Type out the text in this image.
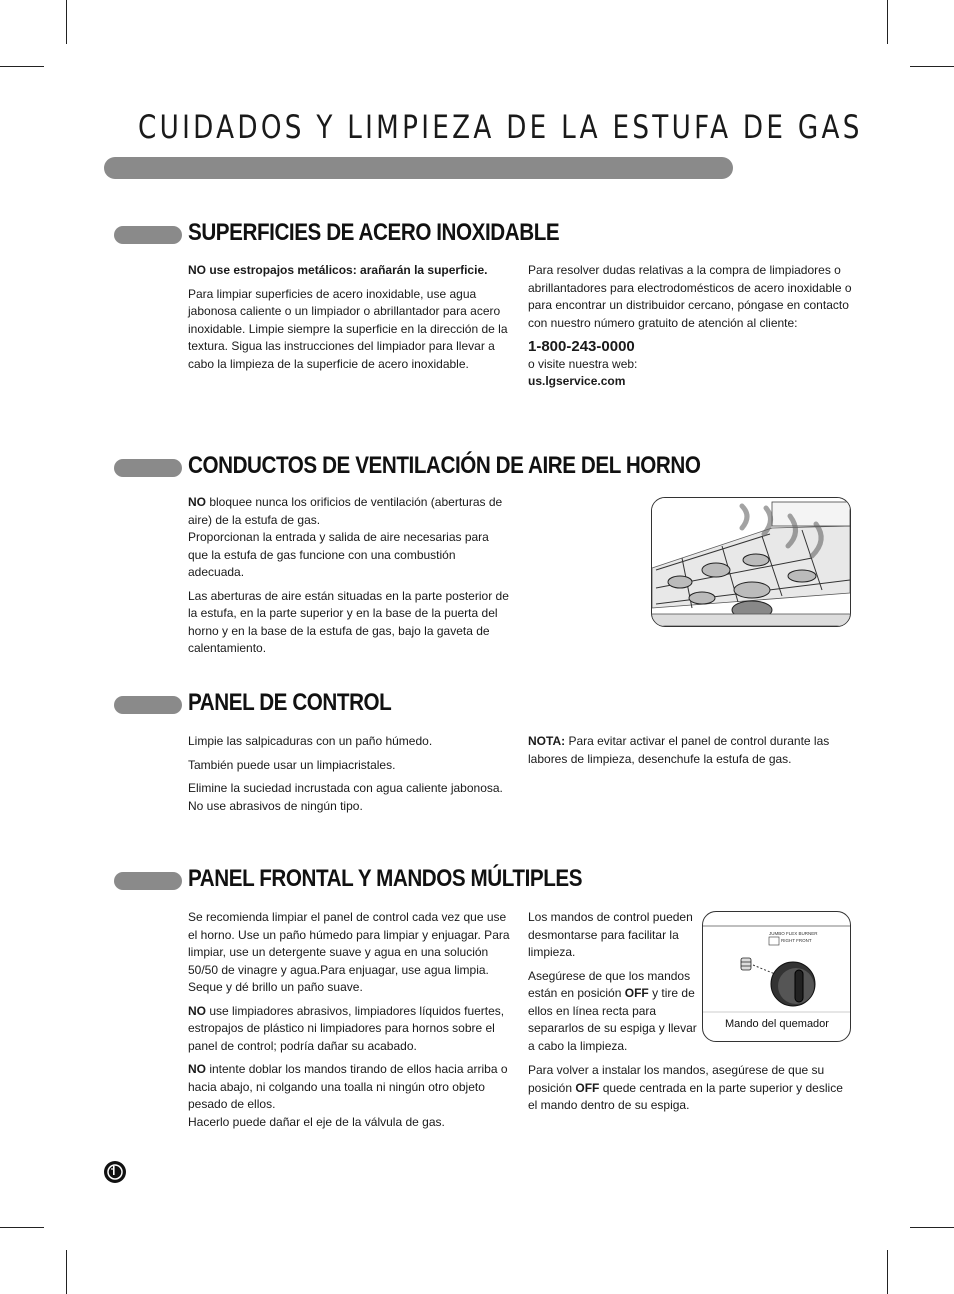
CUIDADOS Y LIMPIEZA DE LA ESTUFA DE GAS
SUPERFICIES DE ACERO INOXIDABLE

NO use estropajos metálicos: arañarán la superficie.

Para limpiar superficies de acero inoxidable, use agua jabonosa caliente o un limpiador o abrillantador para acero inoxidable. Limpie siempre la superficie en la dirección de la textura. Sigua las instrucciones del limpiador para llevar a cabo la limpieza de la superficie de acero inoxidable.

Para resolver dudas relativas a la compra de limpiadores o abrillantadores para electrodomésticos de acero inoxidable o para encontrar un distribuidor cercano, póngase en contacto con nuestro número gratuito de atención al cliente:

1-800-243-0000
o visite nuestra web:
us.lgservice.com
CONDUCTOS DE VENTILACIÓN DE AIRE DEL HORNO

NO bloquee nunca los orificios de ventilación (aberturas de aire) de la estufa de gas.

Proporcionan la entrada y salida de aire necesarias para que la estufa de gas funcione con una combustión adecuada.

Las aberturas de aire están situadas en la parte posterior de la estufa, en la parte superior y en la base de la puerta del horno y en la base de la estufa de gas, bajo la gaveta de calentamiento.

PANEL DE CONTROL

Limpie las salpicaduras con un paño húmedo.

También puede usar un limpiacristales.

Elimine la suciedad incrustada con agua caliente jabonosa. No use abrasivos de ningún tipo.

NOTA: Para evitar activar el panel de control durante las labores de limpieza, desenchufe la estufa de gas.

PANEL FRONTAL Y MANDOS MÚLTIPLES

Se recomienda limpiar el panel de control cada vez que use el horno. Use un paño húmedo para limpiar y enjuagar. Para limpiar, use un detergente suave y agua en una solución 50/50 de vinagre y agua.Para enjuagar, use agua limpia. Seque y dé brillo un paño suave.

NO use limpiadores abrasivos, limpiadores líquidos fuertes, estropajos de plástico ni limpiadores para hornos sobre el panel de control; podría dañar su acabado.

NO intente doblar los mandos tirando de ellos hacia arriba o hacia abajo, ni colgando una toalla ni ningún otro objeto pesado de ellos.

Hacerlo puede dañar el eje de la válvula de gas.

Los mandos de control pueden desmontarse para facilitar la limpieza.

Asegúrese de que los mandos están en posición OFF y tire de ellos en línea recta para separarlos de su espiga y llevar a cabo la limpieza.

Para volver a instalar los mandos, asegúrese de que su posición OFF quede centrada en la parte superior y deslice el mando dentro de su espiga.

JUMBO FLEX BURNER
RIGHT FRONT
Mando del quemador
LG
